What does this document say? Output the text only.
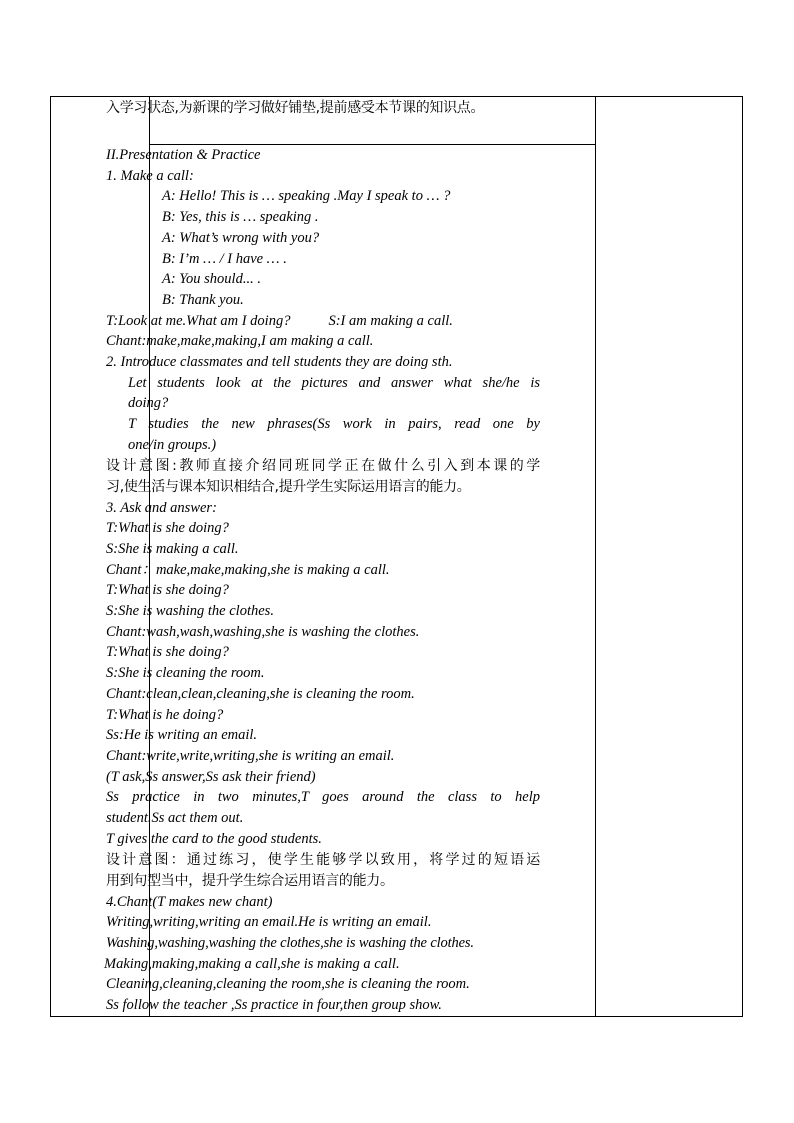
入学习状态,为新课的学习做好铺垫,提前感受本节课的知识点。
II.Presentation & Practice
1. Make a call:
A: Hello! This is … speaking .May I speak to … ?
B: Yes, this is … speaking .
A: What’s wrong with you?
B: I’m … / I have … .
A: You should... .
B: Thank you.
T:Look at me.What am I doing?	S:I am making a call.
Chant:make,make,making,I am making a call.
2. Introduce classmates and tell students they are doing sth.
Let students look at the pictures and answer what she/he is
doing?
T studies the new phrases(Ss work in pairs, read one by
one/in groups.)
设计意图:教师直接介绍同班同学正在做什么引入到本课的学
习,使生活与课本知识相结合,提升学生实际运用语言的能力。
3. Ask and answer:
T:What is she doing?
S:She is making a call.
Chant：make,make,making,she is making a call.
T:What is she doing?
S:She is washing the clothes.
Chant:wash,wash,washing,she is washing the clothes.
T:What is she doing?
S:She is cleaning the room.
Chant:clean,clean,cleaning,she is cleaning the room.
T:What is he doing?
Ss:He is writing an email.
Chant:write,write,writing,she is writing an email.
(T ask,Ss answer,Ss ask their friend)
Ss practice in two minutes,T goes around the class to help
student.Ss act them out.
T gives the card to the good students.
设计意图：通过练习，使学生能够学以致用，将学过的短语运
用到句型当中，提升学生综合运用语言的能力。
4.Chant(T makes new chant)
Writing,writing,writing an email.He is writing an email.
Washing,washing,washing the clothes,she is washing the clothes.
Making,making,making a call,she is making a call.
Cleaning,cleaning,cleaning the room,she is cleaning the room.
Ss follow the teacher ,Ss practice in four,then group show.
